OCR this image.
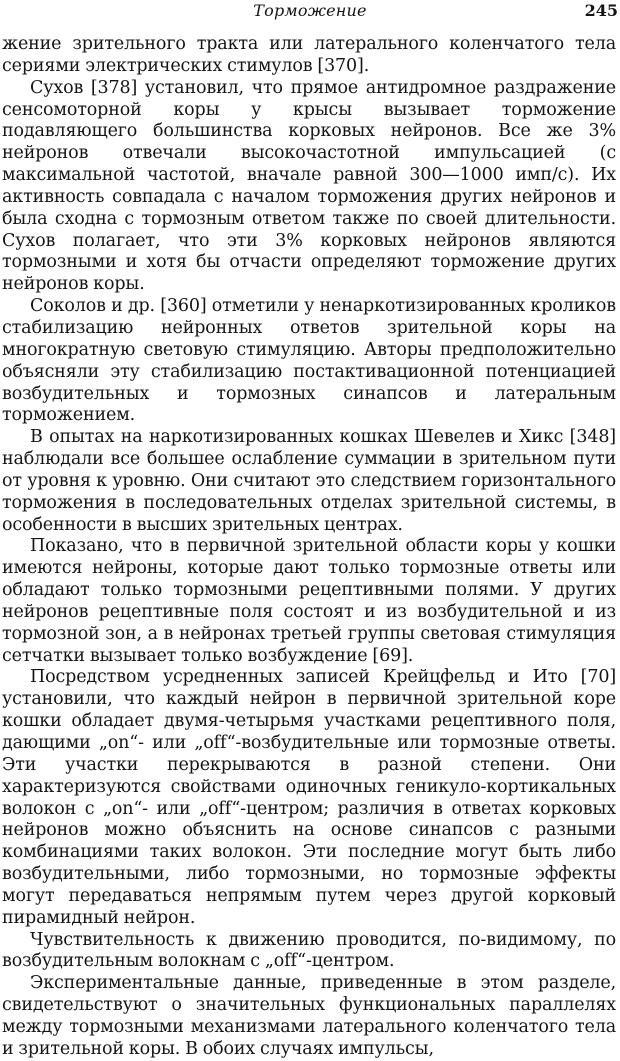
Торможение	245

жение зрительного тракта или латерального коленчатого тела сериями электрических стимулов [370].

Сухов [378] установил, что прямое антидромное раздражение сенсомоторной коры у крысы вызывает торможение подавляющего большинства корковых нейронов. Все же 3% нейронов отвечали высокочастотной импульсацией (с максимальной частотой, вначале равной 300—1000 имп/с). Их активность совпадала с началом торможения других нейронов и была сходна с тормозным ответом также по своей длительности. Сухов полагает, что эти 3% корковых нейронов являются тормозными и хотя бы отчасти определяют торможение других нейронов коры.

Соколов и др. [360] отметили у ненаркотизированных кроликов стабилизацию нейронных ответов зрительной коры на многократную световую стимуляцию. Авторы предположительно объясняли эту стабилизацию постактивационной потенциацией возбудительных и тормозных синапсов и латеральным торможением.

В опытах на наркотизированных кошках Шевелев и Хикс [348] наблюдали все большее ослабление суммации в зрительном пути от уровня к уровню. Они считают это следствием горизонтального торможения в последовательных отделах зрительной системы, в особенности в высших зрительных центрах.

Показано, что в первичной зрительной области коры у кошки имеются нейроны, которые дают только тормозные ответы или обладают только тормозными рецептивными полями. У других нейронов рецептивные поля состоят и из возбудительной и из тормозной зон, а в нейронах третьей группы световая стимуляция сетчатки вызывает только возбуждение [69].

Посредством усредненных записей Крейцфельд и Ито [70] установили, что каждый нейрон в первичной зрительной коре кошки обладает двумя-четырьмя участками рецептивного поля, дающими „on“- или „off“-возбудительные или тормозные ответы. Эти участки перекрываются в разной степени. Они характеризуются свойствами одиночных геникуло-кортикальных волокон с „on“- или „off“-центром; различия в ответах корковых нейронов можно объяснить на основе синапсов с разными комбинациями таких волокон. Эти последние могут быть либо возбудительными, либо тормозными, но тормозные эффекты могут передаваться непрямым путем через другой корковый пирамидный нейрон.

Чувствительность к движению проводится, по-видимому, по возбудительным волокнам с „off“-центром.

Экспериментальные данные, приведенные в этом разделе, свидетельствуют о значительных функциональных параллелях между тормозными механизмами латерального коленчатого тела и зрительной коры. В обоих случаях импульсы,
